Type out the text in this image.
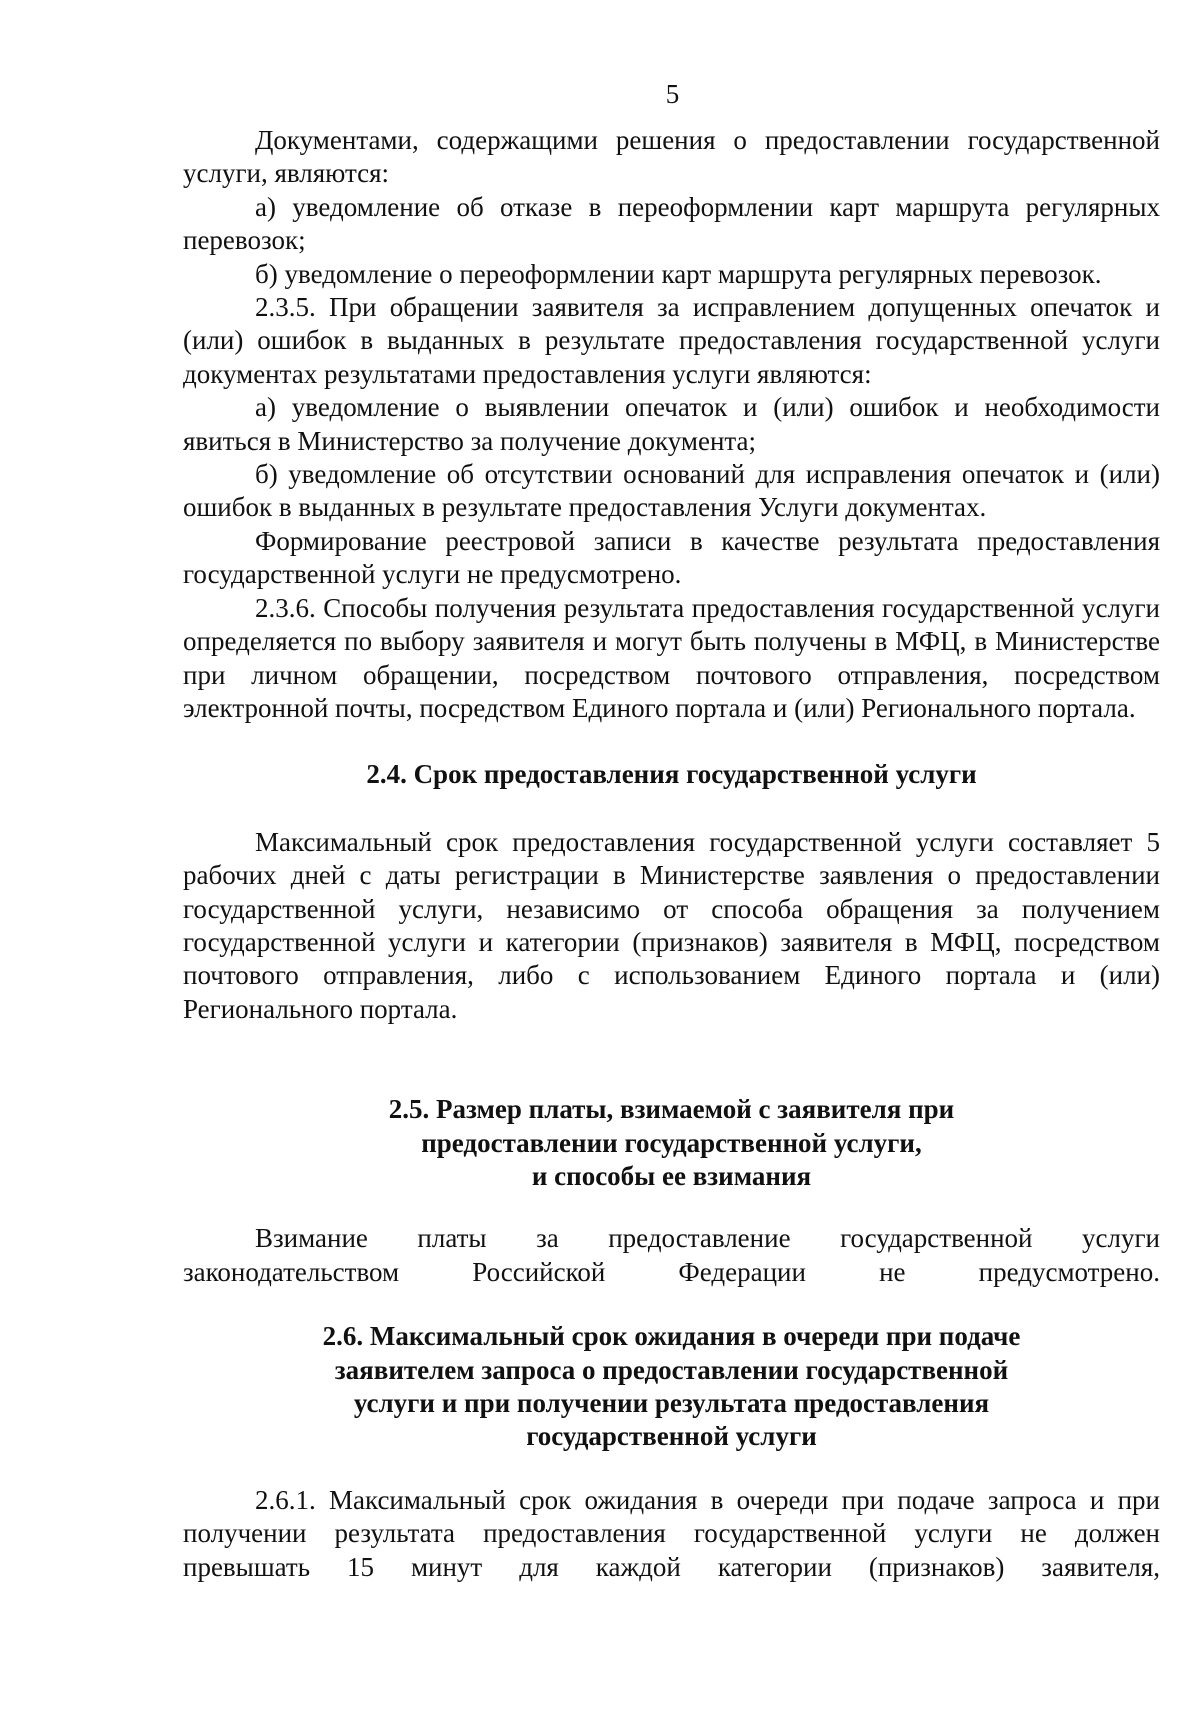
5

Документами, содержащими решения о предоставлении государственной услуги, являются:

а) уведомление об отказе в переоформлении карт маршрута регулярных перевозок;

б) уведомление о переоформлении карт маршрута регулярных перевозок.

2.3.5. При обращении заявителя за исправлением допущенных опечаток и (или) ошибок в выданных в результате предоставления государственной услуги документах результатами предоставления услуги являются:

а) уведомление о выявлении опечаток и (или) ошибок и необходимости явиться в Министерство за получение документа;

б) уведомление об отсутствии оснований для исправления опечаток и (или) ошибок в выданных в результате предоставления Услуги документах.

Формирование реестровой записи в качестве результата предоставления государственной услуги не предусмотрено.

2.3.6. Способы получения результата предоставления государственной услуги определяется по выбору заявителя и могут быть получены в МФЦ, в Министерстве при личном обращении, посредством почтового отправления, посредством электронной почты, посредством Единого портала и (или) Регионального портала.

2.4. Срок предоставления государственной услуги

Максимальный срок предоставления государственной услуги составляет 5 рабочих дней с даты регистрации в Министерстве заявления о предоставлении государственной услуги, независимо от способа обращения за получением государственной услуги и категории (признаков) заявителя в МФЦ, посредством почтового отправления, либо с использованием Единого портала и (или) Регионального портала.

2.5. Размер платы, взимаемой с заявителя при
предоставлении государственной услуги,
и способы ее взимания

Взимание платы за предоставление государственной услуги законодательством Российской Федерации не предусмотрено.

2.6. Максимальный срок ожидания в очереди при подаче
заявителем запроса о предоставлении государственной
услуги и при получении результата предоставления
государственной услуги

2.6.1. Максимальный срок ожидания в очереди при подаче запроса и при получении результата предоставления государственной услуги не должен превышать 15 минут для каждой категории (признаков) заявителя,
